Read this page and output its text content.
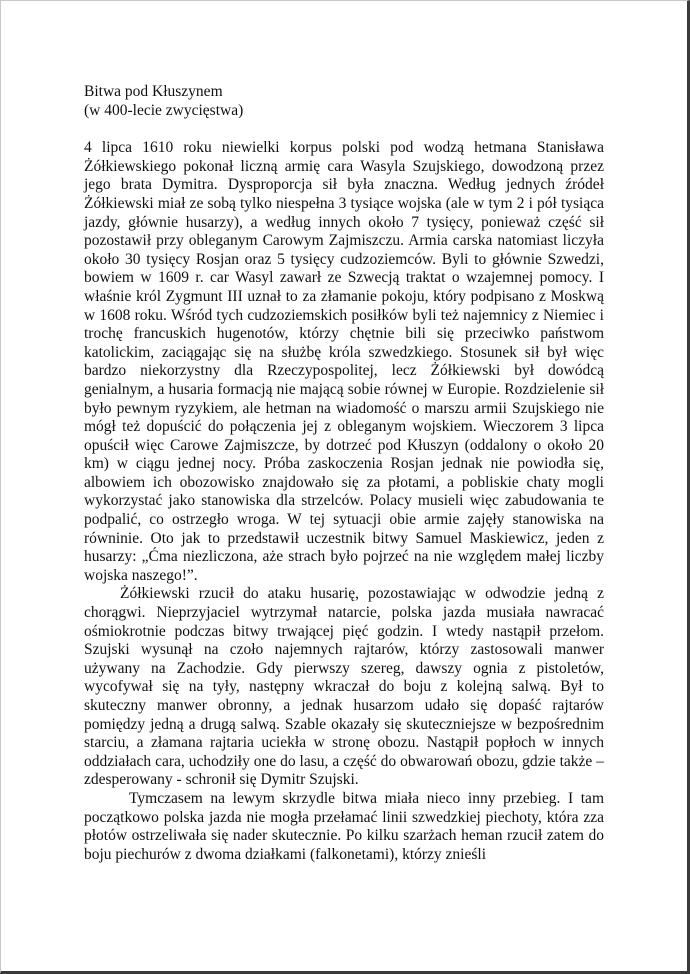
Bitwa pod Kłuszynem

(w 400-lecie zwycięstwa)

4 lipca 1610 roku niewielki korpus polski pod wodzą hetmana Stanisława Żółkiewskiego pokonał liczną armię cara Wasyla Szujskiego, dowodzoną przez jego brata Dymitra. Dysproporcja sił była znaczna. Według jednych źródeł Żółkiewski miał ze sobą tylko niespełna 3 tysiące wojska (ale w tym 2 i pół tysiąca jazdy, głównie husarzy), a według innych około 7 tysięcy, ponieważ część sił pozostawił przy obleganym Carowym Zajmiszczu. Armia carska natomiast liczyła około 30 tysięcy Rosjan oraz 5 tysięcy cudzoziemców. Byli to głównie Szwedzi, bowiem w 1609 r. car Wasyl zawarł ze Szwecją traktat o wzajemnej pomocy. I właśnie król Zygmunt III uznał to za złamanie pokoju, który podpisano z Moskwą w 1608 roku. Wśród tych cudzoziemskich posiłków byli też najemnicy z Niemiec i trochę francuskich hugenotów, którzy chętnie bili się przeciwko państwom katolickim, zaciągając się na służbę króla szwedzkiego. Stosunek sił był więc bardzo niekorzystny dla Rzeczypospolitej, lecz Żółkiewski był dowódcą genialnym, a husaria formacją nie mającą sobie równej w Europie. Rozdzielenie sił było pewnym ryzykiem, ale hetman na wiadomość o marszu armii Szujskiego nie mógł też dopuścić do połączenia jej z obleganym wojskiem. Wieczorem 3 lipca opuścił więc Carowe Zajmiszcze, by dotrzeć pod Kłuszyn (oddalony o około 20 km) w ciągu jednej nocy. Próba zaskoczenia Rosjan jednak nie powiodła się, albowiem ich obozowisko znajdowało się za płotami, a pobliskie chaty mogli wykorzystać jako stanowiska dla strzelców. Polacy musieli więc zabudowania te podpalić, co ostrzegło wroga. W tej sytuacji obie armie zajęły stanowiska na równinie. Oto jak to przedstawił uczestnik bitwy Samuel Maskiewicz, jeden z husarzy: „Ćma niezliczona, aże strach było pojrzeć na nie względem małej liczby wojska naszego!”.

Żółkiewski rzucił do ataku husarię, pozostawiając w odwodzie jedną z chorągwi. Nieprzyjaciel wytrzymał natarcie, polska jazda musiała nawracać ośmiokrotnie podczas bitwy trwającej pięć godzin. I wtedy nastąpił przełom. Szujski wysunął na czoło najemnych rajtarów, którzy zastosowali manwer używany na Zachodzie. Gdy pierwszy szereg, dawszy ognia z pistoletów, wycofywał się na tyły, następny wkraczał do boju z kolejną salwą. Był to skuteczny manwer obronny, a jednak husarzom udało się dopaść rajtarów pomiędzy jedną a drugą salwą. Szable okazały się skuteczniejsze w bezpośrednim starciu, a złamana rajtaria uciekła w stronę obozu. Nastąpił popłoch w innych oddziałach cara, uchodziły one do lasu, a część do obwarowań obozu, gdzie także – zdesperowany - schronił się Dymitr Szujski.

Tymczasem na lewym skrzydle bitwa miała nieco inny przebieg. I tam początkowo polska jazda nie mogła przełamać linii szwedzkiej piechoty, która zza płotów ostrzeliwała się nader skutecznie. Po kilku szarżach heman rzucił zatem do boju piechurów z dwoma działkami (falkonetami), którzy znieśli
